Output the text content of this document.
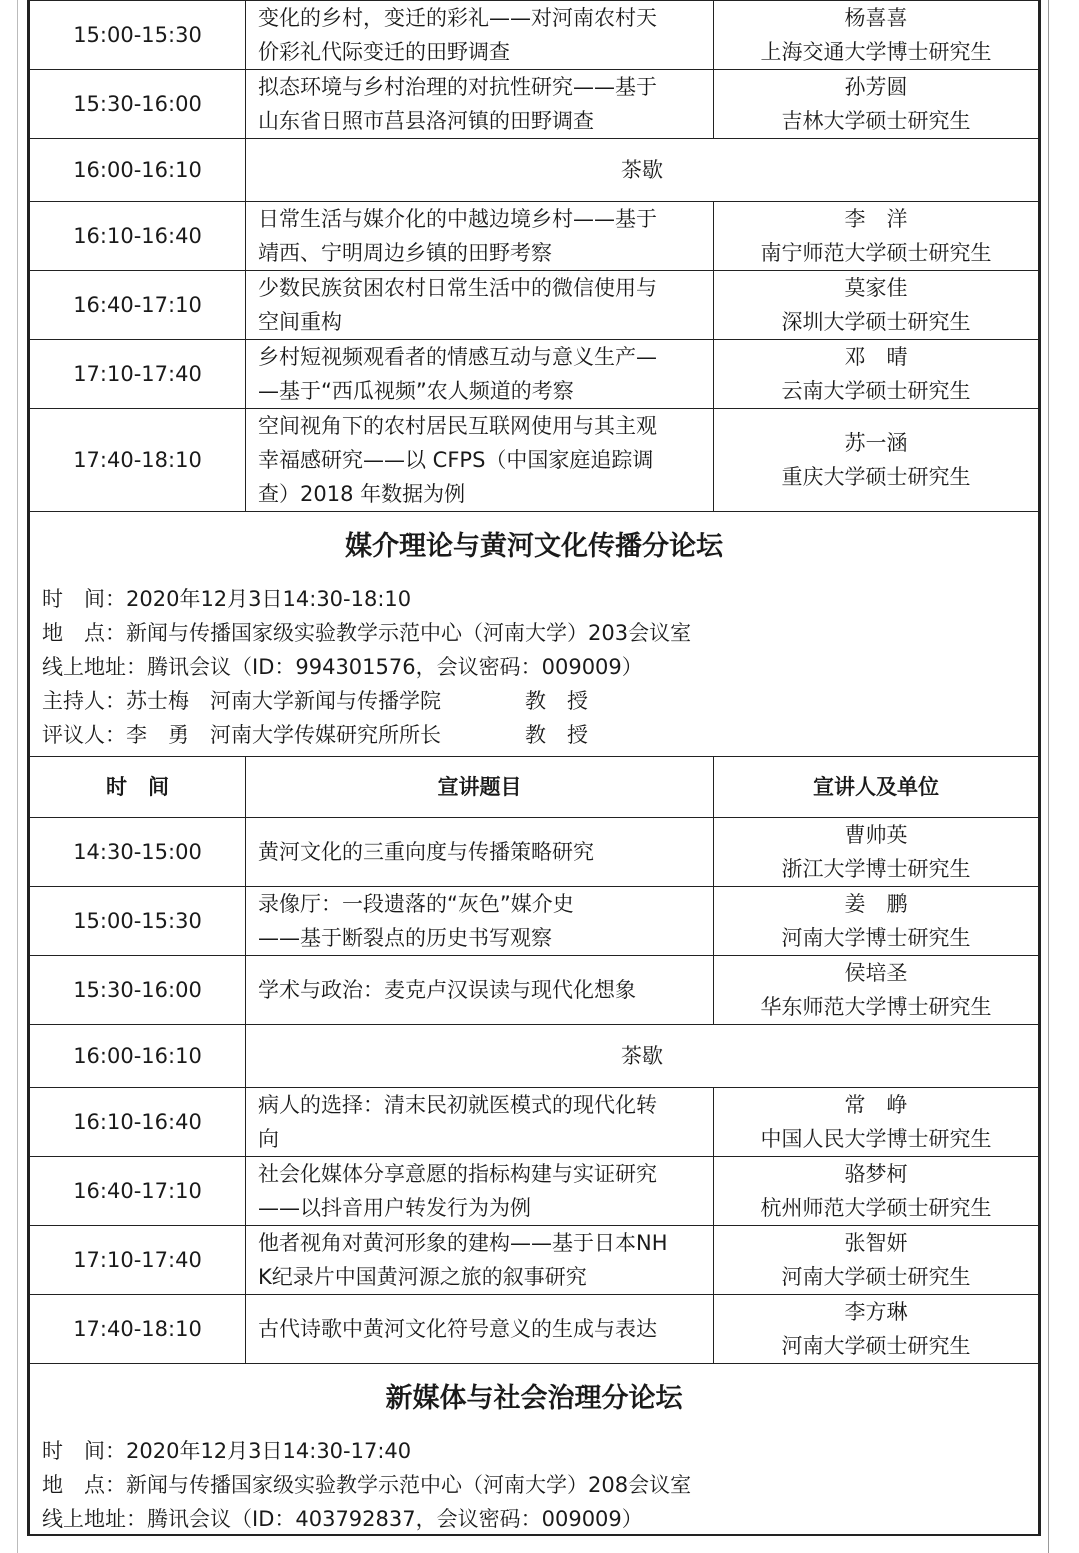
15:00-15:30	变化的乡村，变迁的彩礼——对河南农村天
价彩礼代际变迁的田野调查	杨喜喜
上海交通大学博士研究生

15:30-16:00	拟态环境与乡村治理的对抗性研究——基于
山东省日照市莒县洛河镇的田野调查	孙芳圆
吉林大学硕士研究生

16:00-16:10	茶歇	
16:10-16:40	日常生活与媒介化的中越边境乡村——基于
靖西、宁明周边乡镇的田野考察	李　洋
南宁师范大学硕士研究生

16:40-17:10	少数民族贫困农村日常生活中的微信使用与
空间重构	莫家佳
深圳大学硕士研究生

17:10-17:40	乡村短视频观看者的情感互动与意义生产—
—基于“西瓜视频”农人频道的考察	邓　晴
云南大学硕士研究生

17:40-18:10	空间视角下的农村居民互联网使用与其主观
幸福感研究——以 CFPS（中国家庭追踪调
查）2018 年数据为例	苏一涵
重庆大学硕士研究生
媒介理论与黄河文化传播分论坛
时　间：2020年12月3日14:30-18:10
地　点：新闻与传播国家级实验教学示范中心（河南大学）203会议室
线上地址：腾讯会议（ID：994301576，会议密码：009009）
主持人：苏士梅　河南大学新闻与传播学院　　　　教　授
评议人：李　勇　河南大学传媒研究所所长　　　　教　授
时　间	宣讲题目	宣讲人及单位
14:30-15:00	黄河文化的三重向度与传播策略研究	曹帅英
浙江大学博士研究生

15:00-15:30	录像厅：一段遗落的“灰色”媒介史
——基于断裂点的历史书写观察	姜　鹏
河南大学博士研究生

15:30-16:00	学术与政治：麦克卢汉误读与现代化想象	侯培圣
华东师范大学博士研究生

16:00-16:10	茶歇	
16:10-16:40	病人的选择：清末民初就医模式的现代化转
向	常　峥
中国人民大学博士研究生

16:40-17:10	社会化媒体分享意愿的指标构建与实证研究
——以抖音用户转发行为为例	骆梦柯
杭州师范大学硕士研究生

17:10-17:40	他者视角对黄河形象的建构——基于日本NH
K纪录片中国黄河源之旅的叙事研究	张智妍
河南大学硕士研究生

17:40-18:10	古代诗歌中黄河文化符号意义的生成与表达	李方琳
河南大学硕士研究生
新媒体与社会治理分论坛
时　间：2020年12月3日14:30-17:40
地　点：新闻与传播国家级实验教学示范中心（河南大学）208会议室
线上地址：腾讯会议（ID：403792837，会议密码：009009）
